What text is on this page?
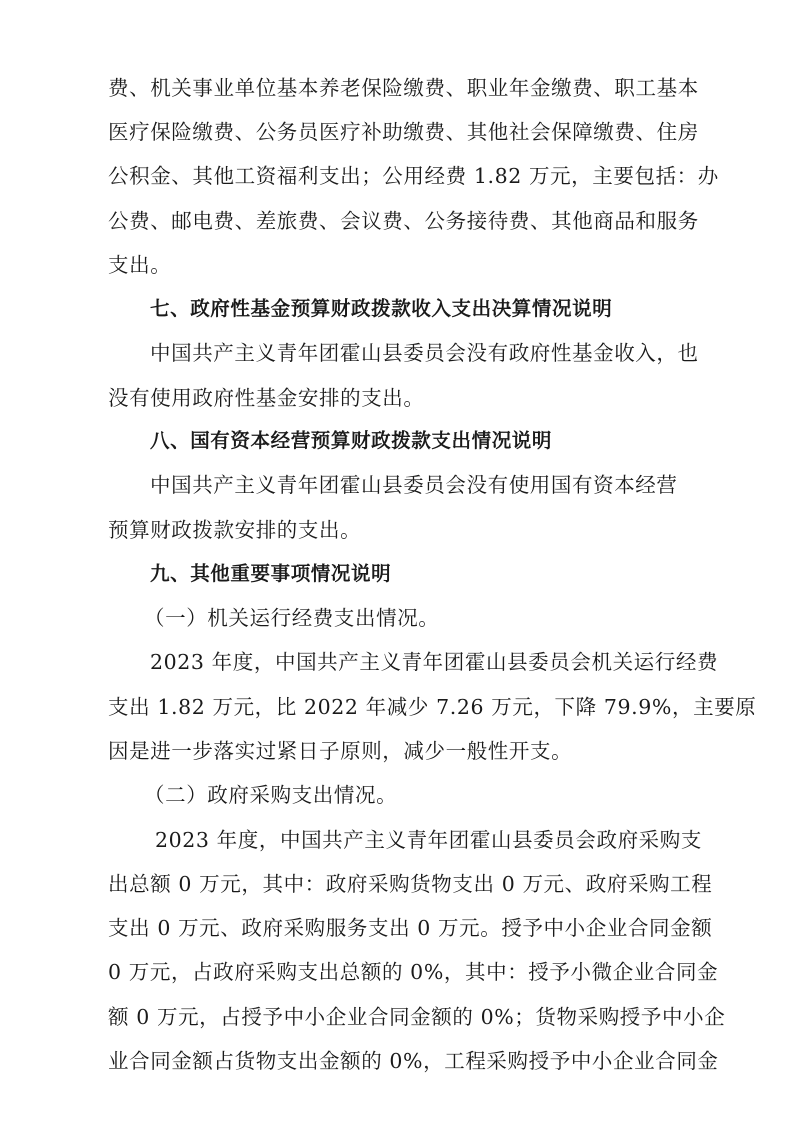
费、机关事业单位基本养老保险缴费、职业年金缴费、职工基本
医疗保险缴费、公务员医疗补助缴费、其他社会保障缴费、住房
公积金、其他工资福利支出；公用经费 1.82 万元，主要包括：办
公费、邮电费、差旅费、会议费、公务接待费、其他商品和服务
支出。
七、政府性基金预算财政拨款收入支出决算情况说明
中国共产主义青年团霍山县委员会没有政府性基金收入，也
没有使用政府性基金安排的支出。
八、国有资本经营预算财政拨款支出情况说明
中国共产主义青年团霍山县委员会没有使用国有资本经营
预算财政拨款安排的支出。
九、其他重要事项情况说明
（一）机关运行经费支出情况。
2023 年度，中国共产主义青年团霍山县委员会机关运行经费
支出 1.82 万元，比 2022 年减少 7.26 万元，下降 79.9%，主要原
因是进一步落实过紧日子原则，减少一般性开支。
（二）政府采购支出情况。
2023 年度，中国共产主义青年团霍山县委员会政府采购支
出总额 0 万元，其中：政府采购货物支出 0 万元、政府采购工程
支出 0 万元、政府采购服务支出 0 万元。授予中小企业合同金额
0 万元，占政府采购支出总额的 0%，其中：授予小微企业合同金
额 0 万元，占授予中小企业合同金额的 0%；货物采购授予中小企
业合同金额占货物支出金额的 0%，工程采购授予中小企业合同金
